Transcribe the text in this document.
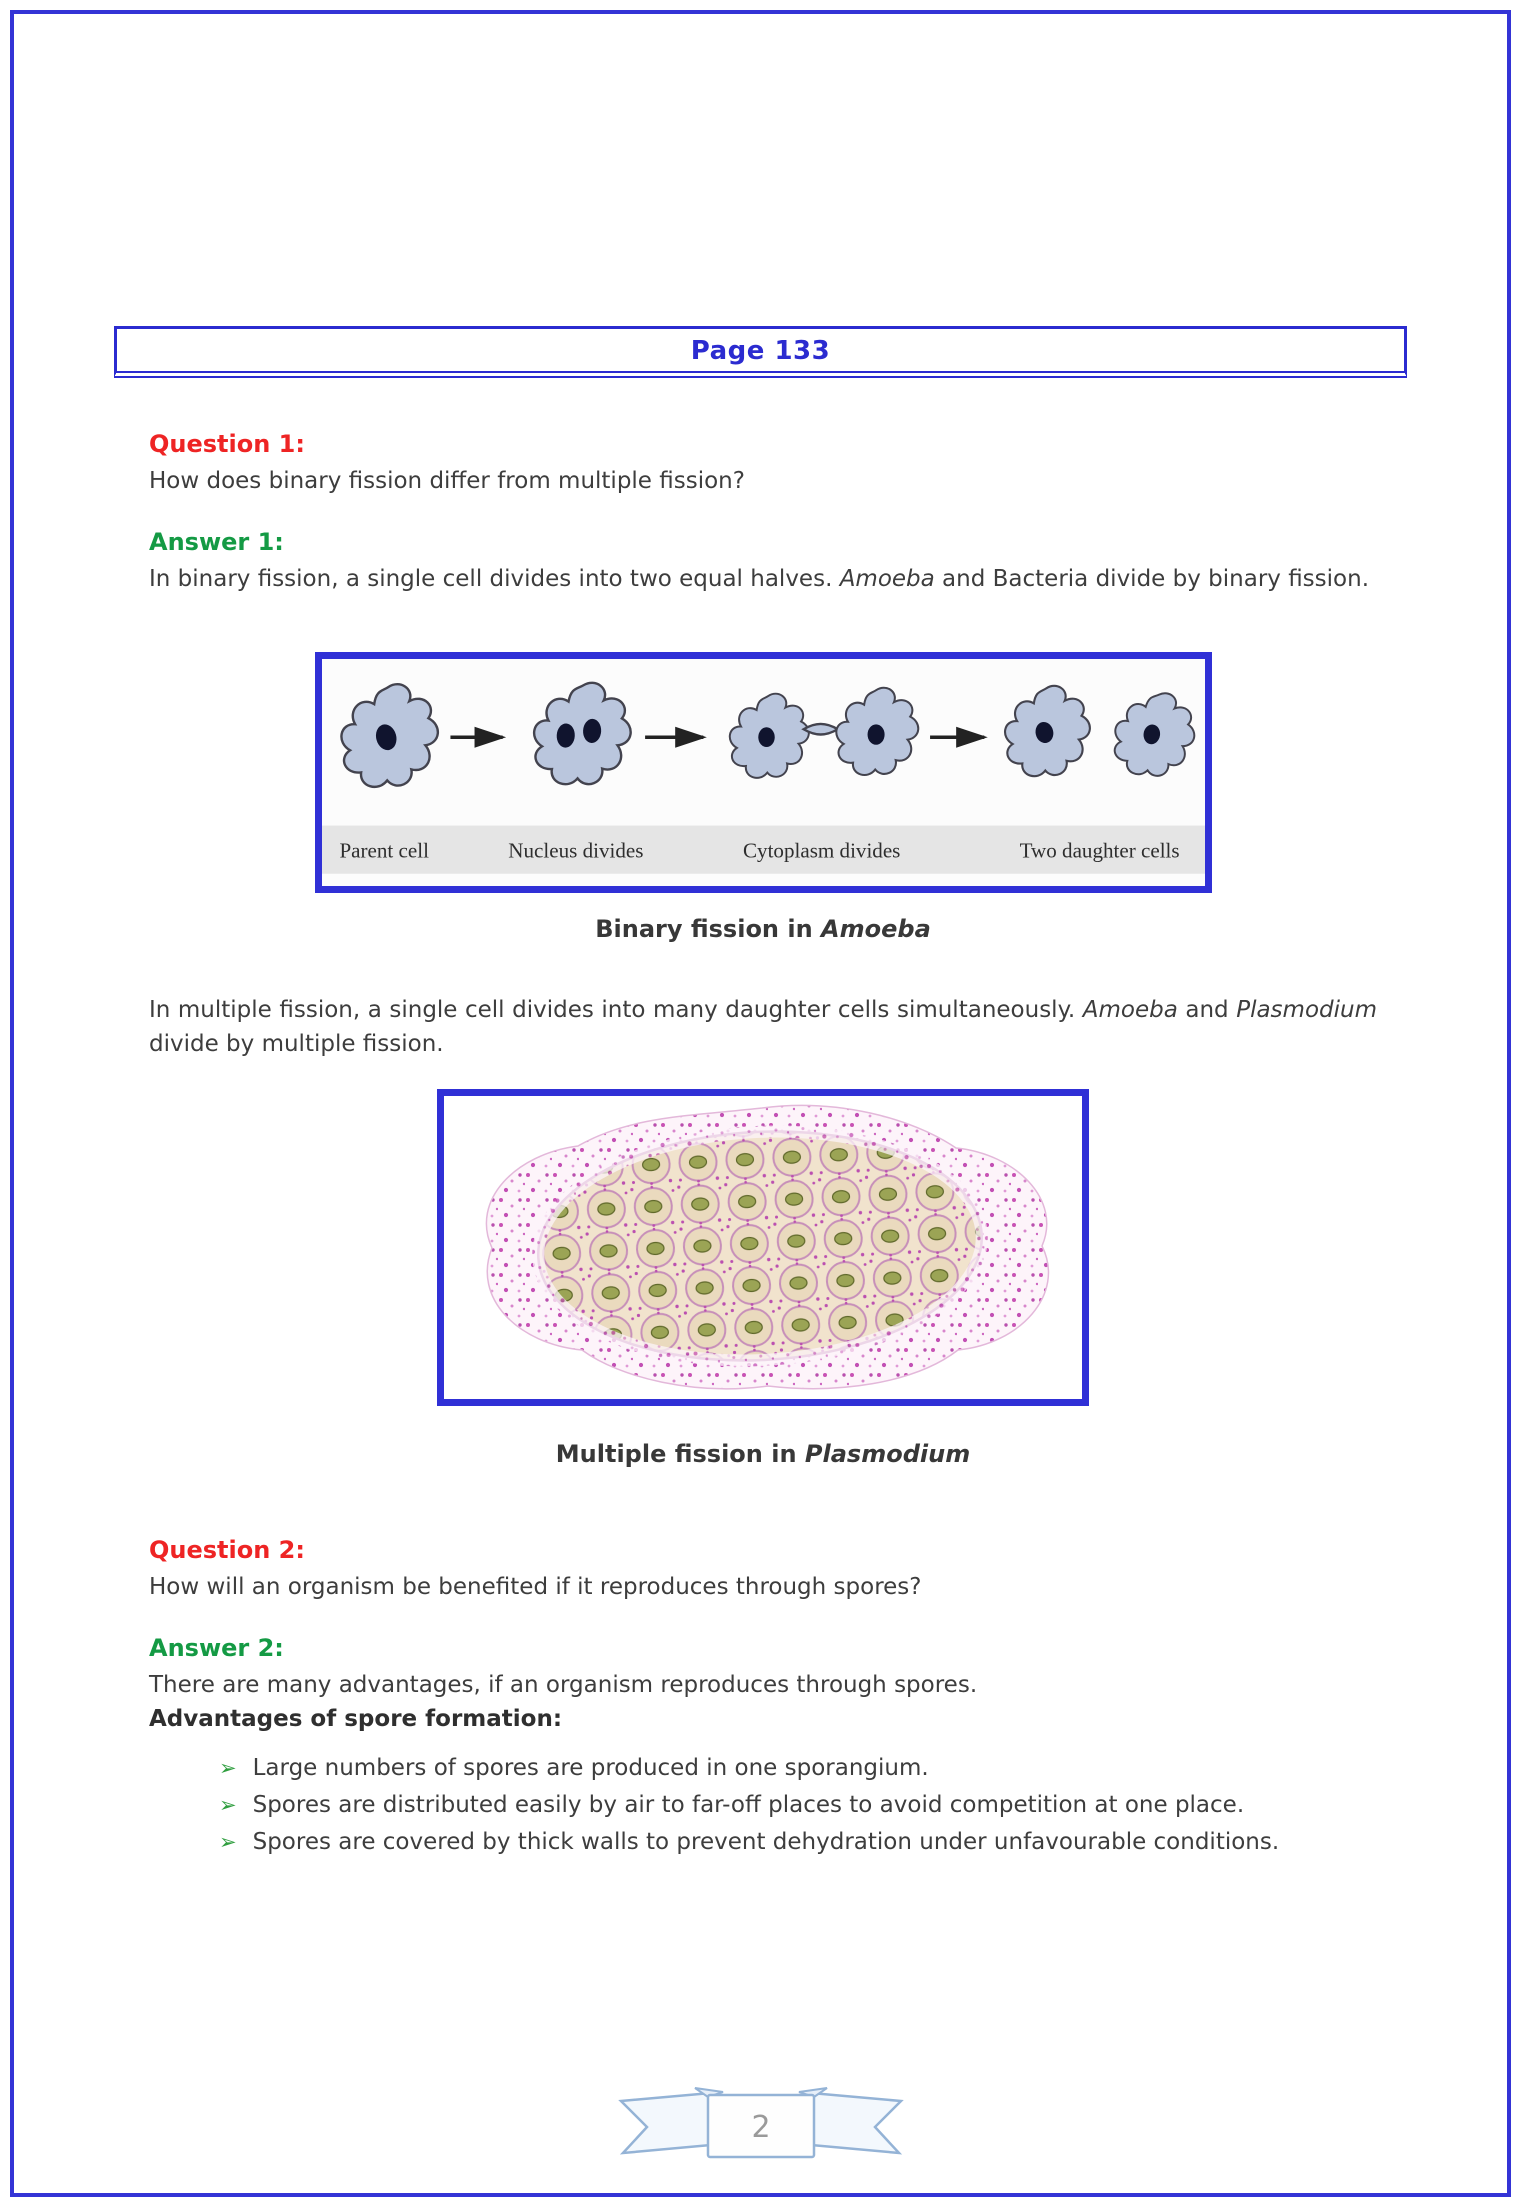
Page 133

Question 1:

How does binary fission differ from multiple fission?

Answer 1:

In binary fission, a single cell divides into two equal halves. Amoeba and Bacteria divide by binary fission.

Parent cell	Nucleus divides	Cytoplasm divides	Two daughter cells

Binary fission in Amoeba

In multiple fission, a single cell divides into many daughter cells simultaneously. Amoeba and Plasmodium divide by multiple fission.

Multiple fission in Plasmodium

Question 2:

How will an organism be benefited if it reproduces through spores?

Answer 2:

There are many advantages, if an organism reproduces through spores.

Advantages of spore formation:

➢ Large numbers of spores are produced in one sporangium.
➢ Spores are distributed easily by air to far-off places to avoid competition at one place.
➢ Spores are covered by thick walls to prevent dehydration under unfavourable conditions.
2
